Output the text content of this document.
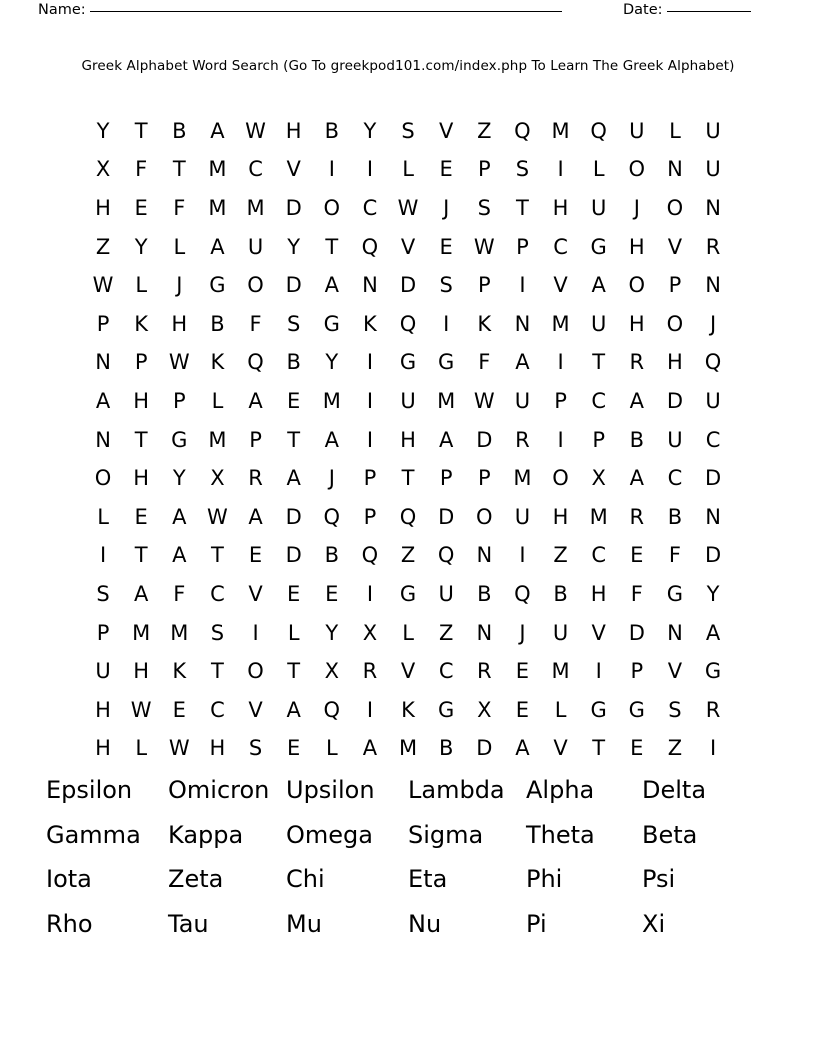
Name:	Date:
Greek Alphabet Word Search (Go To greekpod101.com/index.php To Learn The Greek Alphabet)
Y	T	B	A W H	B	Y	S	V	Z	Q M Q	U	L	U
X	F	T	M	C	V	I	I	L	E	P	S	I	L	O	N	U
H	E	F	M M D	O	C W	J	S	T	H	U	J	O	N
Z	Y	L	A	U	Y	T	Q	V	E	W	P	C	G	H	V	R
W	L	J	G	O	D	A	N	D	S	P	I	V	A	O	P	N
P	K	H	B	F	S	G	K	Q	I	K	N	M	U	H	O	J
N	P	W K	Q	B	Y	I	G	G	F	A	I	T	R	H	Q
A	H	P	L	A	E	M	I	U	M W U	P	C	A	D	U
N	T	G M	P	T	A	I	H	A	D	R	I	P	B	U	C
O	H	Y	X	R	A	J	P	T	P	P	M O	X	A	C	D
L	E	A W A	D	Q	P	Q	D	O	U	H	M	R	B	N
I	T	A	T	E	D	B	Q	Z	Q	N	I	Z	C	E	F	D
S	A	F	C	V	E	E	I	G	U	B	Q	B	H	F	G	Y
P	M M	S	I	L	Y	X	L	Z	N	J	U	V	D	N	A
U	H	K	T	O	T	X	R	V	C	R	E	M	I	P	V	G
H W	E	C	V	A	Q	I	K	G	X	E	L	G	G	S	R
H	L	W H	S	E	L	A	M	B	D	A	V	T	E	Z	I
Epsilon	Omicron Upsilon	Lambda Alpha	Delta
Gamma	Kappa	Omega	Sigma	Theta	Beta
Iota	Zeta	Chi	Eta	Phi	Psi
Rho	Tau	Mu	Nu	Pi	Xi
